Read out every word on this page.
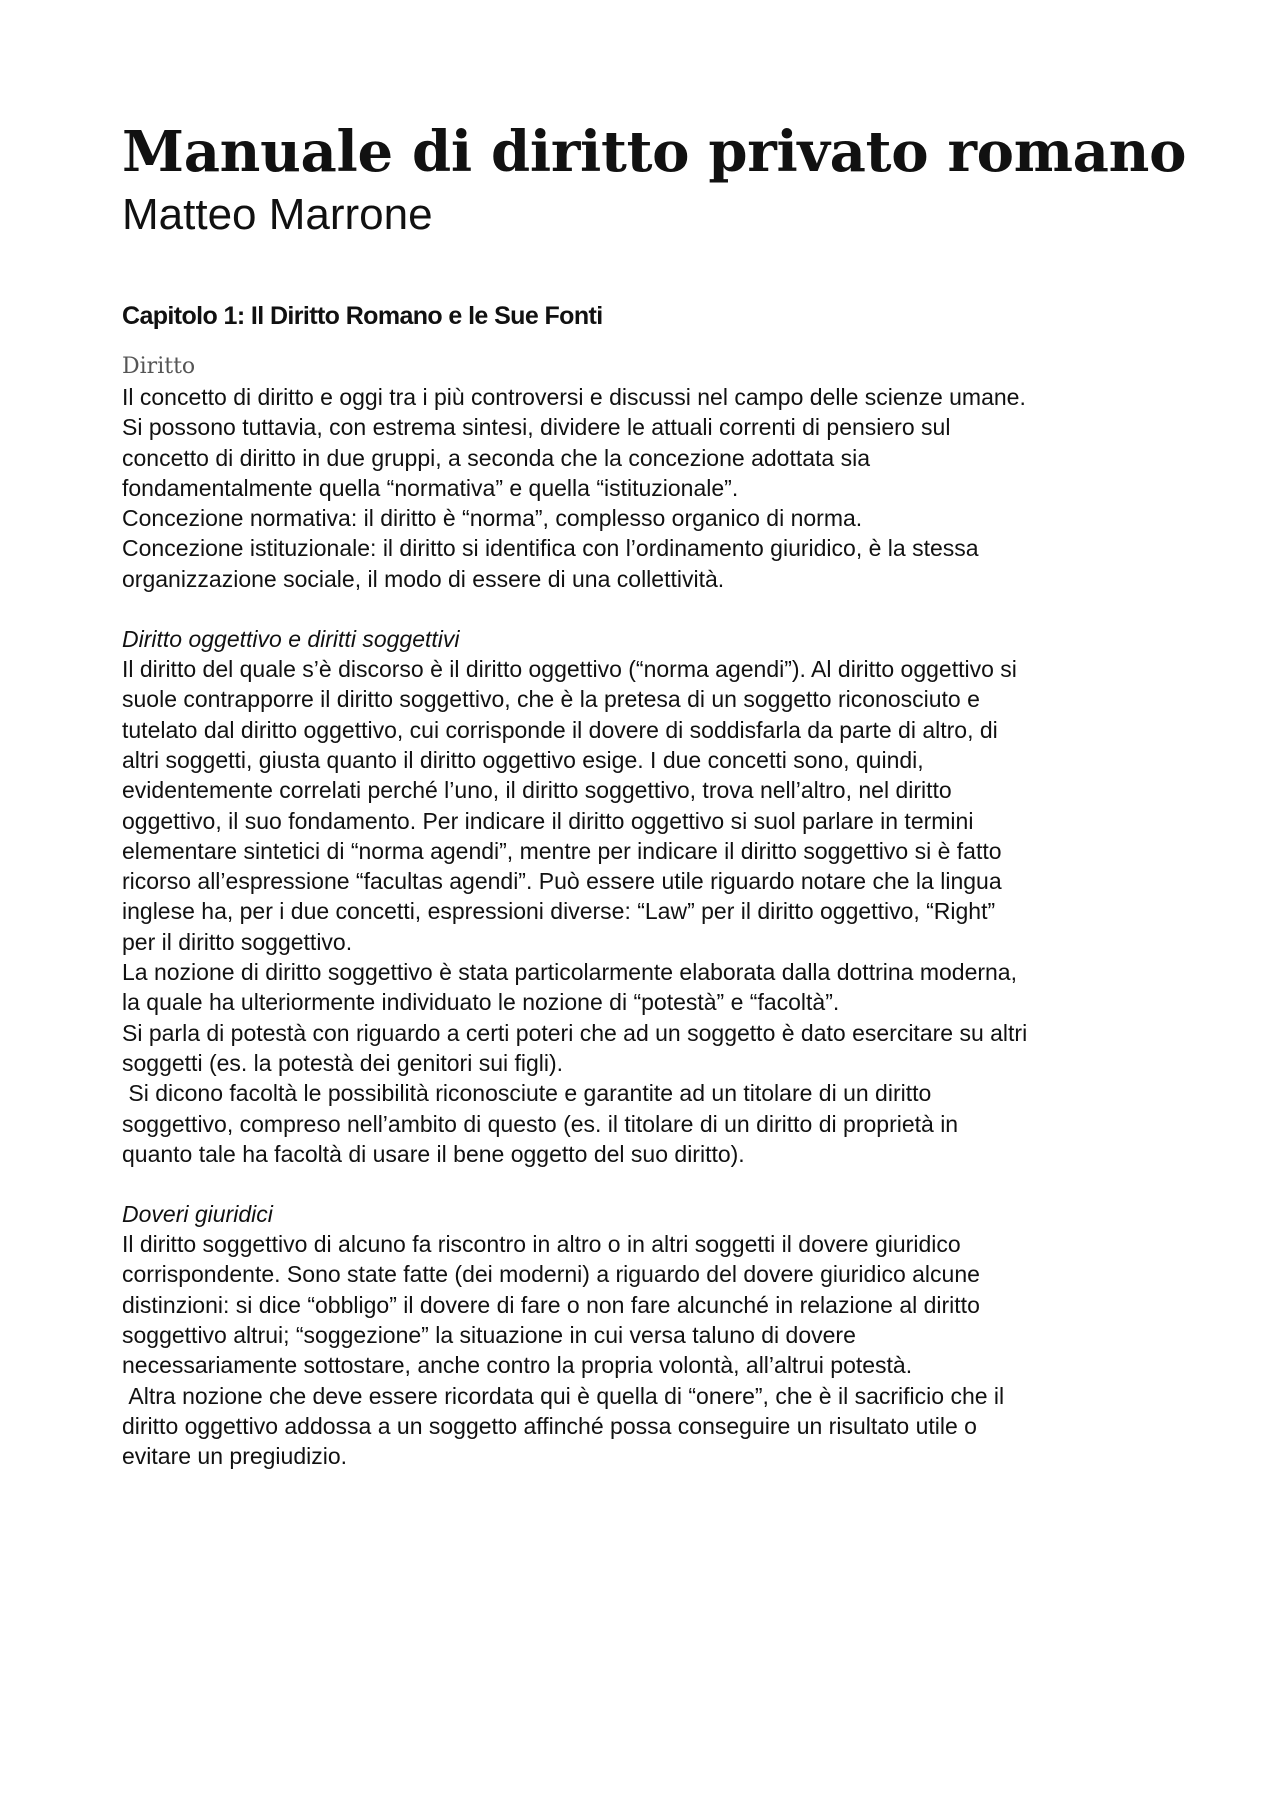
Manuale di diritto privato romano
Matteo Marrone
Capitolo 1: Il Diritto Romano e le Sue Fonti
Diritto

Il concetto di diritto e oggi tra i più controversi e discussi nel campo delle scienze umane.

Si possono tuttavia, con estrema sintesi, dividere le attuali correnti di pensiero sul

concetto di diritto in due gruppi, a seconda che la concezione adottata sia

fondamentalmente quella “normativa” e quella “istituzionale”.

Concezione normativa: il diritto è “norma”, complesso organico di norma.

Concezione istituzionale: il diritto si identifica con l’ordinamento giuridico, è la stessa

organizzazione sociale, il modo di essere di una collettività.

Diritto oggettivo e diritti soggettivi

Il diritto del quale s’è discorso è il diritto oggettivo (“norma agendi”). Al diritto oggettivo si

suole contrapporre il diritto soggettivo, che è la pretesa di un soggetto riconosciuto e

tutelato dal diritto oggettivo, cui corrisponde il dovere di soddisfarla da parte di altro, di

altri soggetti, giusta quanto il diritto oggettivo esige. I due concetti sono, quindi,

evidentemente correlati perché l’uno, il diritto soggettivo, trova nell’altro, nel diritto

oggettivo, il suo fondamento. Per indicare il diritto oggettivo si suol parlare in termini

elementare sintetici di “norma agendi”, mentre per indicare il diritto soggettivo si è fatto

ricorso all’espressione “facultas agendi”. Può essere utile riguardo notare che la lingua

inglese ha, per i due concetti, espressioni diverse: “Law” per il diritto oggettivo, “Right”

per il diritto soggettivo.

La nozione di diritto soggettivo è stata particolarmente elaborata dalla dottrina moderna,

la quale ha ulteriormente individuato le nozione di “potestà” e “facoltà”.

Si parla di potestà con riguardo a certi poteri che ad un soggetto è dato esercitare su altri

soggetti (es. la potestà dei genitori sui figli).

Si dicono facoltà le possibilità riconosciute e garantite ad un titolare di un diritto

soggettivo, compreso nell’ambito di questo (es. il titolare di un diritto di proprietà in

quanto tale ha facoltà di usare il bene oggetto del suo diritto).

Doveri giuridici

Il diritto soggettivo di alcuno fa riscontro in altro o in altri soggetti il dovere giuridico

corrispondente. Sono state fatte (dei moderni) a riguardo del dovere giuridico alcune

distinzioni: si dice “obbligo” il dovere di fare o non fare alcunché in relazione al diritto

soggettivo altrui; “soggezione” la situazione in cui versa taluno di dovere

necessariamente sottostare, anche contro la propria volontà, all’altrui potestà.

Altra nozione che deve essere ricordata qui è quella di “onere”, che è il sacrificio che il

diritto oggettivo addossa a un soggetto affinché possa conseguire un risultato utile o

evitare un pregiudizio.
